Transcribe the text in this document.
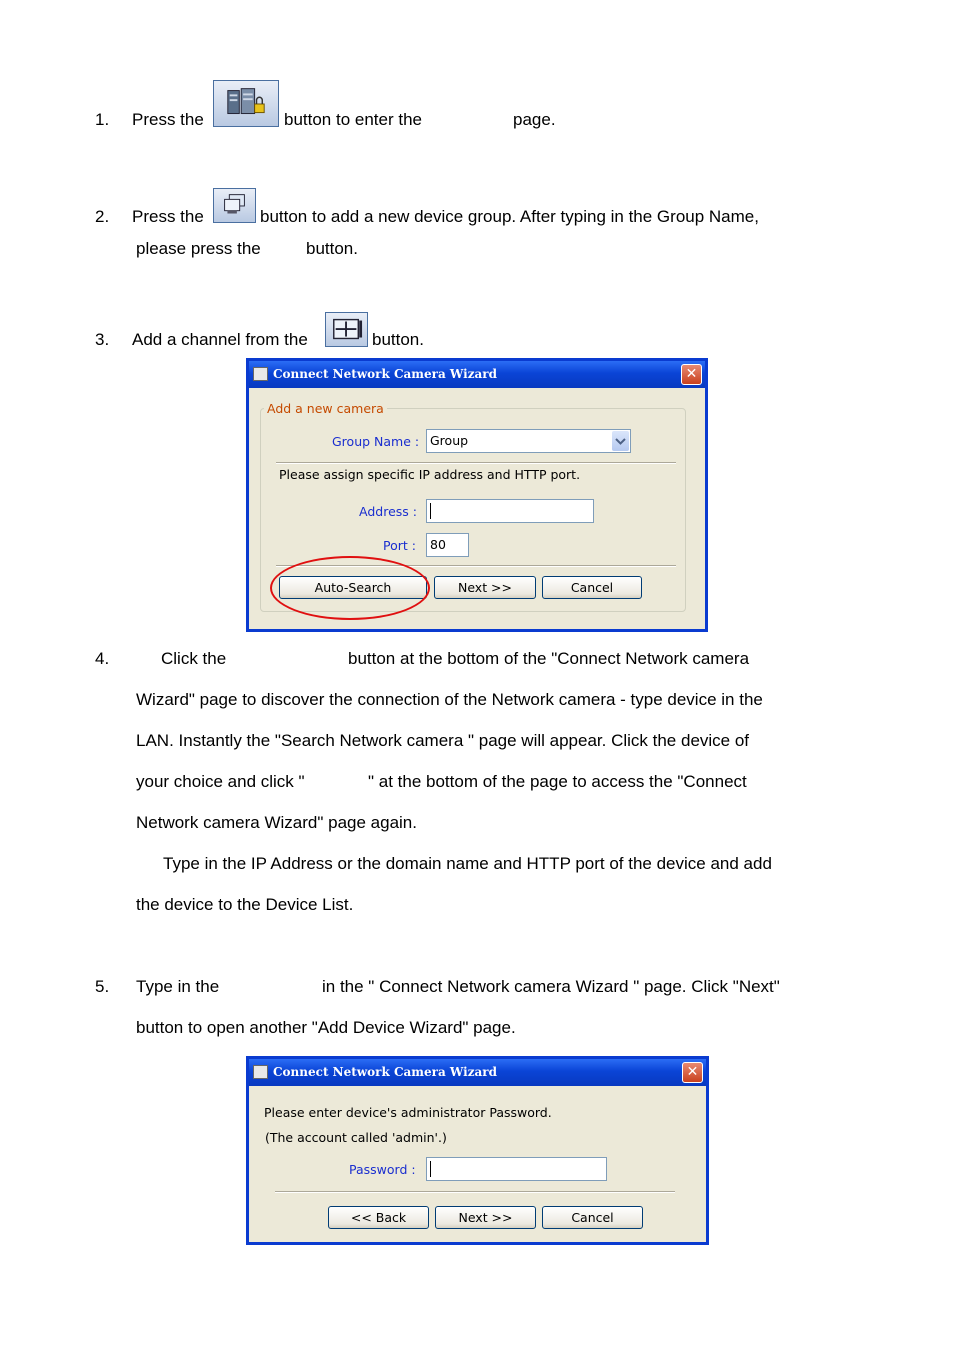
1. Press the	button to enter the	page.
2. Press the	button to add a new device group. After typing in the Group Name,
please press the	button.
3. Add a channel from the	button.
Connect Network Camera Wizard	✕
Add a new camera
Group Name : Group
Please assign specific IP address and HTTP port.
Address :
Port :	80
Auto-Search	Next >>	Cancel
4.	Click the	button at the bottom of the "Connect Network camera
Wizard" page to discover the connection of the Network camera - type device in the
LAN. Instantly the "Search Network camera " page will appear. Click the device of
your choice and click "	" at the bottom of the page to access the "Connect
Network camera Wizard" page again.
Type in the IP Address or the domain name and HTTP port of the device and add
the device to the Device List.
5. Type in the	in the " Connect Network camera Wizard " page. Click "Next"
button to open another "Add Device Wizard" page.
Connect Network Camera Wizard	✕
Please enter device's administrator Password.
(The account called 'admin'.)
Password :
<< Back	Next >>	Cancel
